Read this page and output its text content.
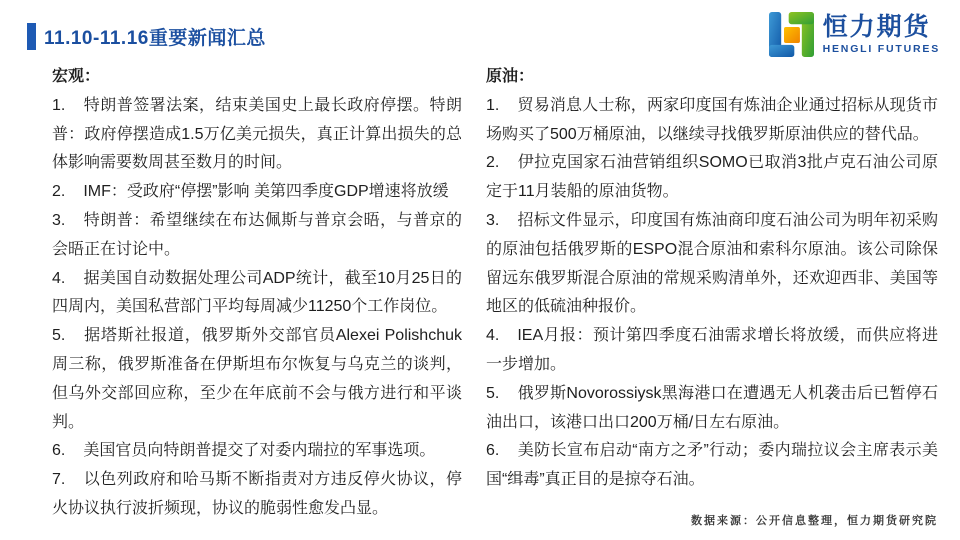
11.10-11.16重要新闻汇总	恒力期货
HENGLI FUTURES
宏观：

1. 特朗普签署法案，结束美国史上最长政府停摆。特朗普：政府停摆造成1.5万亿美元损失，真正计算出损失的总体影响需要数周甚至数月的时间。

2. IMF：受政府“停摆”影响 美第四季度GDP增速将放缓

3. 特朗普：希望继续在布达佩斯与普京会晤，与普京的会晤正在讨论中。

4. 据美国自动数据处理公司ADP统计，截至10月25日的四周内，美国私营部门平均每周减少11250个工作岗位。

5. 据塔斯社报道，俄罗斯外交部官员Alexei Polishchuk周三称，俄罗斯准备在伊斯坦布尔恢复与乌克兰的谈判，但乌外交部回应称，至少在年底前不会与俄方进行和平谈判。

6. 美国官员向特朗普提交了对委内瑞拉的军事选项。

7. 以色列政府和哈马斯不断指责对方违反停火协议，停火协议执行波折频现，协议的脆弱性愈发凸显。

原油：

1. 贸易消息人士称，两家印度国有炼油企业通过招标从现货市场购买了500万桶原油，以继续寻找俄罗斯原油供应的替代品。

2. 伊拉克国家石油营销组织SOMO已取消3批卢克石油公司原定于11月装船的原油货物。

3. 招标文件显示，印度国有炼油商印度石油公司为明年初采购的原油包括俄罗斯的ESPO混合原油和索科尔原油。该公司除保留远东俄罗斯混合原油的常规采购清单外，还欢迎西非、美国等地区的低硫油种报价。

4. IEA月报：预计第四季度石油需求增长将放缓，而供应将进一步增加。

5. 俄罗斯Novorossiysk黑海港口在遭遇无人机袭击后已暂停石油出口，该港口出口200万桶/日左右原油。

6. 美防长宣布启动“南方之矛”行动；委内瑞拉议会主席表示美国“缉毒”真正目的是掠夺石油。

数据来源：公开信息整理，恒力期货研究院
